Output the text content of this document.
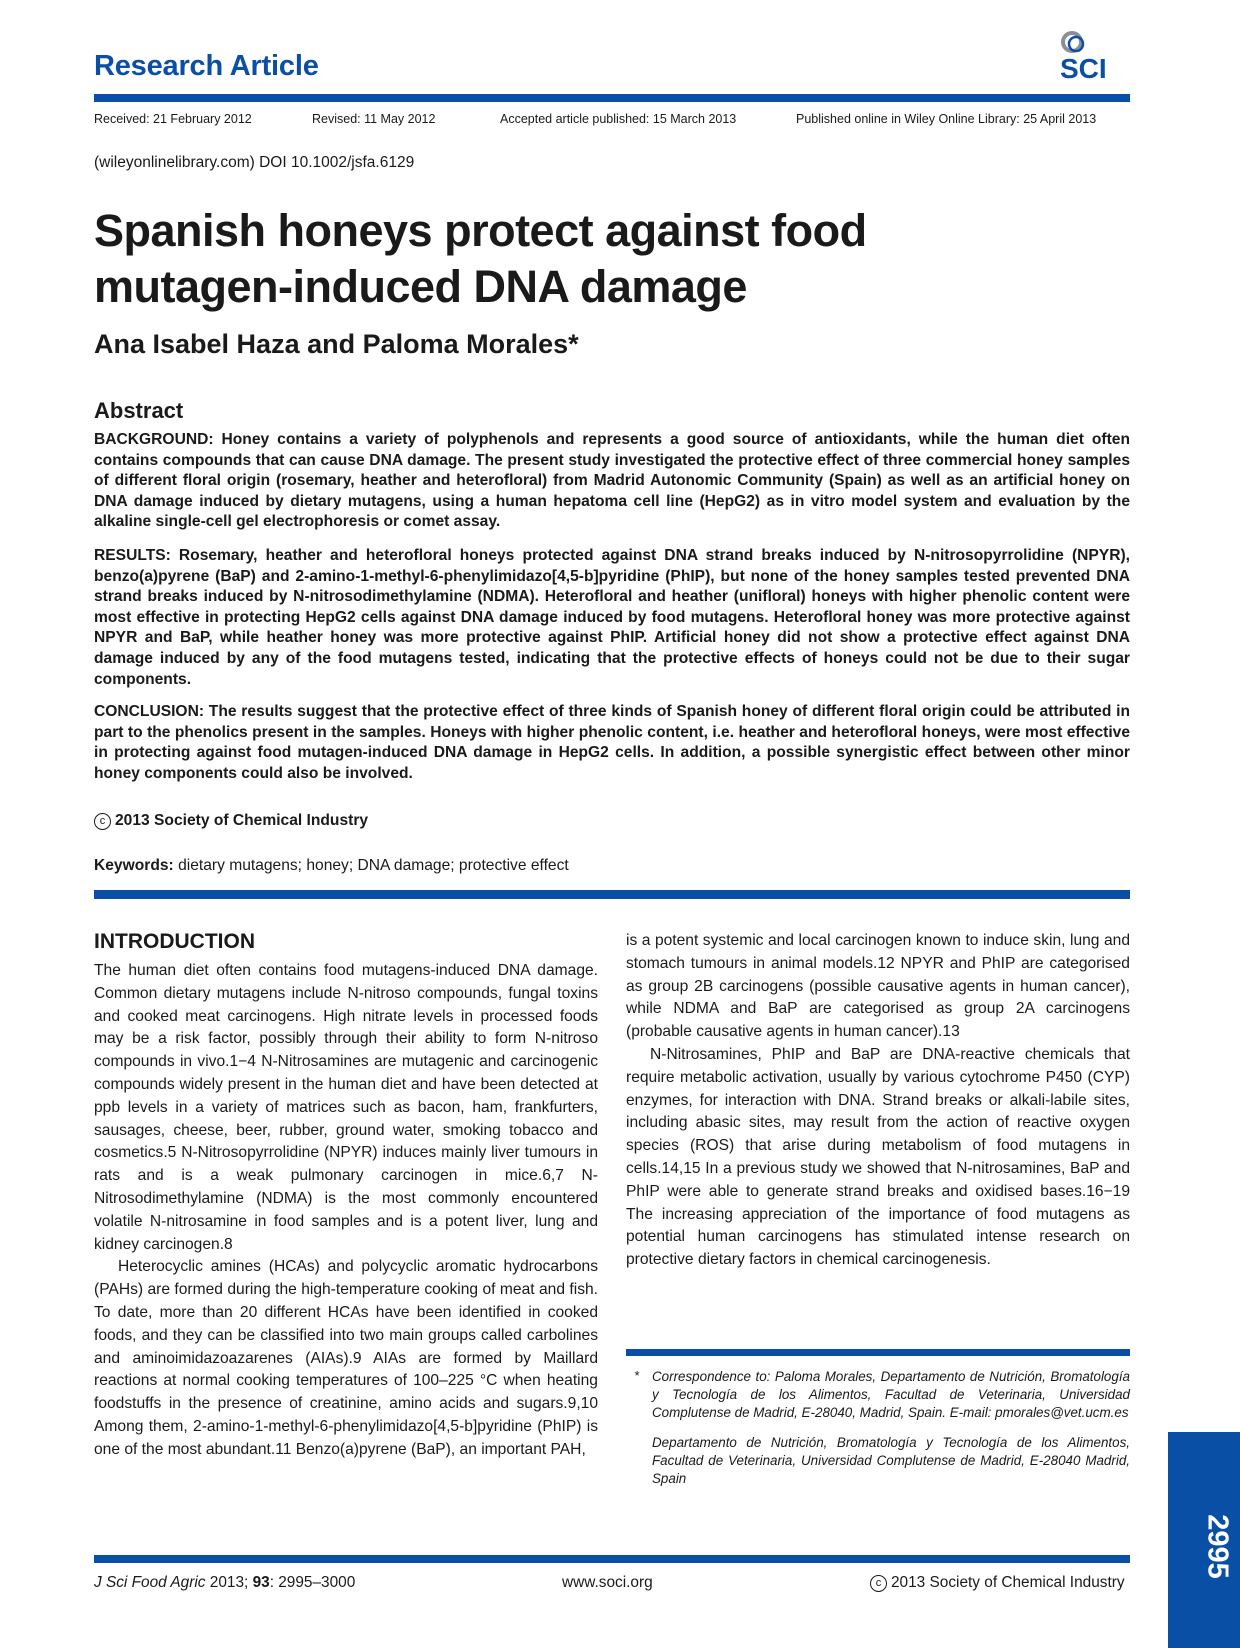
Research Article	SCI
Received: 21 February 2012	Revised: 11 May 2012	Accepted article published: 15 March 2013	Published online in Wiley Online Library: 25 April 2013
(wileyonlinelibrary.com) DOI 10.1002/jsfa.6129
Spanish honeys protect against food
mutagen-induced DNA damage
Ana Isabel Haza and Paloma Morales*
Abstract
BACKGROUND: Honey contains a variety of polyphenols and represents a good source of antioxidants, while the human diet often contains compounds that can cause DNA damage. The present study investigated the protective effect of three commercial honey samples of different floral origin (rosemary, heather and heterofloral) from Madrid Autonomic Community (Spain) as well as an artificial honey on DNA damage induced by dietary mutagens, using a human hepatoma cell line (HepG2) as in vitro model system and evaluation by the alkaline single-cell gel electrophoresis or comet assay.
RESULTS: Rosemary, heather and heterofloral honeys protected against DNA strand breaks induced by N-nitrosopyrrolidine (NPYR), benzo(a)pyrene (BaP) and 2-amino-1-methyl-6-phenylimidazo[4,5-b]pyridine (PhIP), but none of the honey samples tested prevented DNA strand breaks induced by N-nitrosodimethylamine (NDMA). Heterofloral and heather (unifloral) honeys with higher phenolic content were most effective in protecting HepG2 cells against DNA damage induced by food mutagens. Heterofloral honey was more protective against NPYR and BaP, while heather honey was more protective against PhIP. Artificial honey did not show a protective effect against DNA damage induced by any of the food mutagens tested, indicating that the protective effects of honeys could not be due to their sugar components.
CONCLUSION: The results suggest that the protective effect of three kinds of Spanish honey of different floral origin could be attributed in part to the phenolics present in the samples. Honeys with higher phenolic content, i.e. heather and heterofloral honeys, were most effective in protecting against food mutagen-induced DNA damage in HepG2 cells. In addition, a possible synergistic effect between other minor honey components could also be involved.
c 2013 Society of Chemical Industry
Keywords: dietary mutagens; honey; DNA damage; protective effect
INTRODUCTION

The human diet often contains food mutagens-induced DNA damage. Common dietary mutagens include N-nitroso compounds, fungal toxins and cooked meat carcinogens. High nitrate levels in processed foods may be a risk factor, possibly through their ability to form N-nitroso compounds in vivo.1−4 N-Nitrosamines are mutagenic and carcinogenic compounds widely present in the human diet and have been detected at ppb levels in a variety of matrices such as bacon, ham, frankfurters, sausages, cheese, beer, rubber, ground water, smoking tobacco and cosmetics.5 N-Nitrosopyrrolidine (NPYR) induces mainly liver tumours in rats and is a weak pulmonary carcinogen in mice.6,7 N-Nitrosodimethylamine (NDMA) is the most commonly encountered volatile N-nitrosamine in food samples and is a potent liver, lung and kidney carcinogen.8

Heterocyclic amines (HCAs) and polycyclic aromatic hydrocarbons (PAHs) are formed during the high-temperature cooking of meat and fish. To date, more than 20 different HCAs have been identified in cooked foods, and they can be classified into two main groups called carbolines and aminoimidazoazarenes (AIAs).9 AIAs are formed by Maillard reactions at normal cooking temperatures of 100–225 °C when heating foodstuffs in the presence of creatinine, amino acids and sugars.9,10 Among them, 2-amino-1-methyl-6-phenylimidazo[4,5-b]pyridine (PhIP) is one of the most abundant.11 Benzo(a)pyrene (BaP), an important PAH,

is a potent systemic and local carcinogen known to induce skin, lung and stomach tumours in animal models.12 NPYR and PhIP are categorised as group 2B carcinogens (possible causative agents in human cancer), while NDMA and BaP are categorised as group 2A carcinogens (probable causative agents in human cancer).13

N-Nitrosamines, PhIP and BaP are DNA-reactive chemicals that require metabolic activation, usually by various cytochrome P450 (CYP) enzymes, for interaction with DNA. Strand breaks or alkali-labile sites, including abasic sites, may result from the action of reactive oxygen species (ROS) that arise during metabolism of food mutagens in cells.14,15 In a previous study we showed that N-nitrosamines, BaP and PhIP were able to generate strand breaks and oxidised bases.16−19 The increasing appreciation of the importance of food mutagens as potential human carcinogens has stimulated intense research on protective dietary factors in chemical carcinogenesis.

* Correspondence to: Paloma Morales, Departamento de Nutrición, Bromatología y Tecnología de los Alimentos, Facultad de Veterinaria, Universidad Complutense de Madrid, E-28040, Madrid, Spain. E-mail: pmorales@vet.ucm.es
Departamento de Nutrición, Bromatología y Tecnología de los Alimentos, Facultad de Veterinaria, Universidad Complutense de Madrid, E-28040 Madrid, Spain
2995
J Sci Food Agric 2013; 93: 2995–3000	www.soci.org	c 2013 Society of Chemical Industry
